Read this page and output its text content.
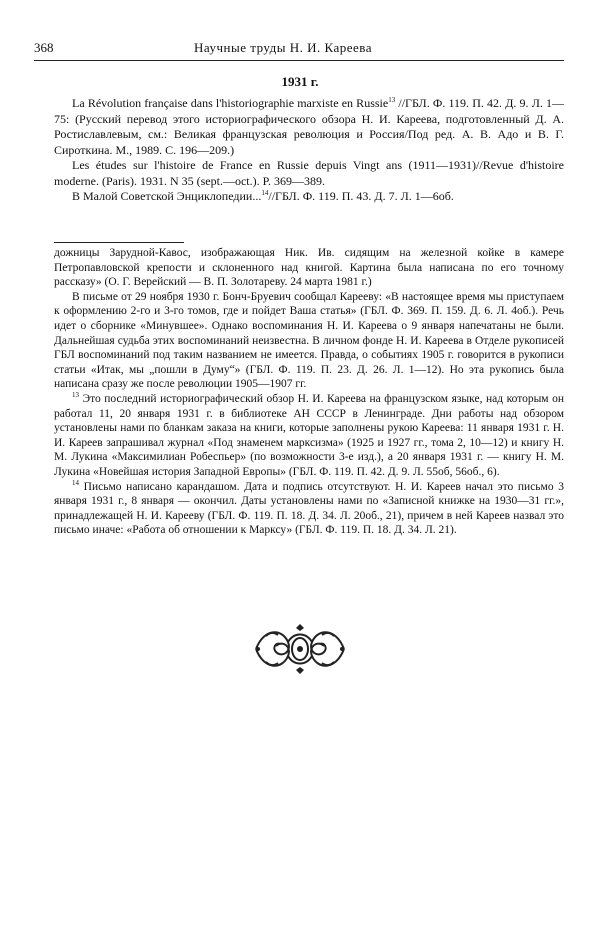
368	Научные труды Н. И. Кареева
1931 г.

La Révolution française dans l'historiographie marxiste en Russie$^{13}$ //ГБЛ. Ф. 119. П. 42. Д. 9. Л. 1—75: (Русский перевод этого историографического обзора Н. И. Кареева, подготовленный Д. А. Ростиславлевым, см.: Великая французская революция и Россия/Под ред. А. В. Адо и В. Г. Сироткина. М., 1989. С. 196—209.)

Les études sur l'histoire de France en Russie depuis Vingt ans (1911—1931)//Revue d'histoire moderne. (Paris). 1931. N 35 (sept.—oct.). P. 369—389.

В Малой Советской Энциклопедии...$^{14}$//ГБЛ. Ф. 119. П. 43. Д. 7. Л. 1—6об.

дожницы Зарудной-Кавос, изображающая Ник. Ив. сидящим на железной койке в камере Петропавловской крепости и склоненного над книгой. Картина была написана по его точному рассказу» (О. Г. Верейский — В. П. Золотареву. 24 марта 1981 г.)

В письме от 29 ноября 1930 г. Бонч-Бруевич сообщал Карееву: «В настоящее время мы приступаем к оформлению 2-го и 3-го томов, где и пойдет Ваша статья» (ГБЛ. Ф. 369. П. 159. Д. 6. Л. 4об.). Речь идет о сборнике «Минувшее». Однако воспоминания Н. И. Кареева о 9 января напечатаны не были. Дальнейшая судьба этих воспоминаний неизвестна. В личном фонде Н. И. Кареева в Отделе рукописей ГБЛ воспоминаний под таким названием не имеется. Правда, о событиях 1905 г. говорится в рукописи статьи «Итак, мы „пошли в Думу“» (ГБЛ. Ф. 119. П. 23. Д. 26. Л. 1—12). Но эта рукопись была написана сразу же после революции 1905—1907 гг.

$^{13}$ Это последний историографический обзор Н. И. Кареева на французском языке, над которым он работал 11, 20 января 1931 г. в библиотеке АН СССР в Ленинграде. Дни работы над обзором установлены нами по бланкам заказа на книги, которые заполнены рукою Кареева: 11 января 1931 г. Н. И. Кареев запрашивал журнал «Под знаменем марксизма» (1925 и 1927 гг., тома 2, 10—12) и книгу Н. М. Лукина «Максимилиан Робеспьер» (по возможности 3-е изд.), а 20 января 1931 г. — книгу Н. М. Лукина «Новейшая история Западной Европы» (ГБЛ. Ф. 119. П. 42. Д. 9. Л. 55об, 56об., 6).

$^{14}$ Письмо написано карандашом. Дата и подпись отсутствуют. Н. И. Кареев начал это письмо 3 января 1931 г., 8 января — окончил. Даты установлены нами по «Записной книжке на 1930—31 гг.», принадлежащей Н. И. Карееву (ГБЛ. Ф. 119. П. 18. Д. 34. Л. 20об., 21), причем в ней Кареев назвал это письмо иначе: «Работа об отношении к Марксу» (ГБЛ. Ф. 119. П. 18. Д. 34. Л. 21).
